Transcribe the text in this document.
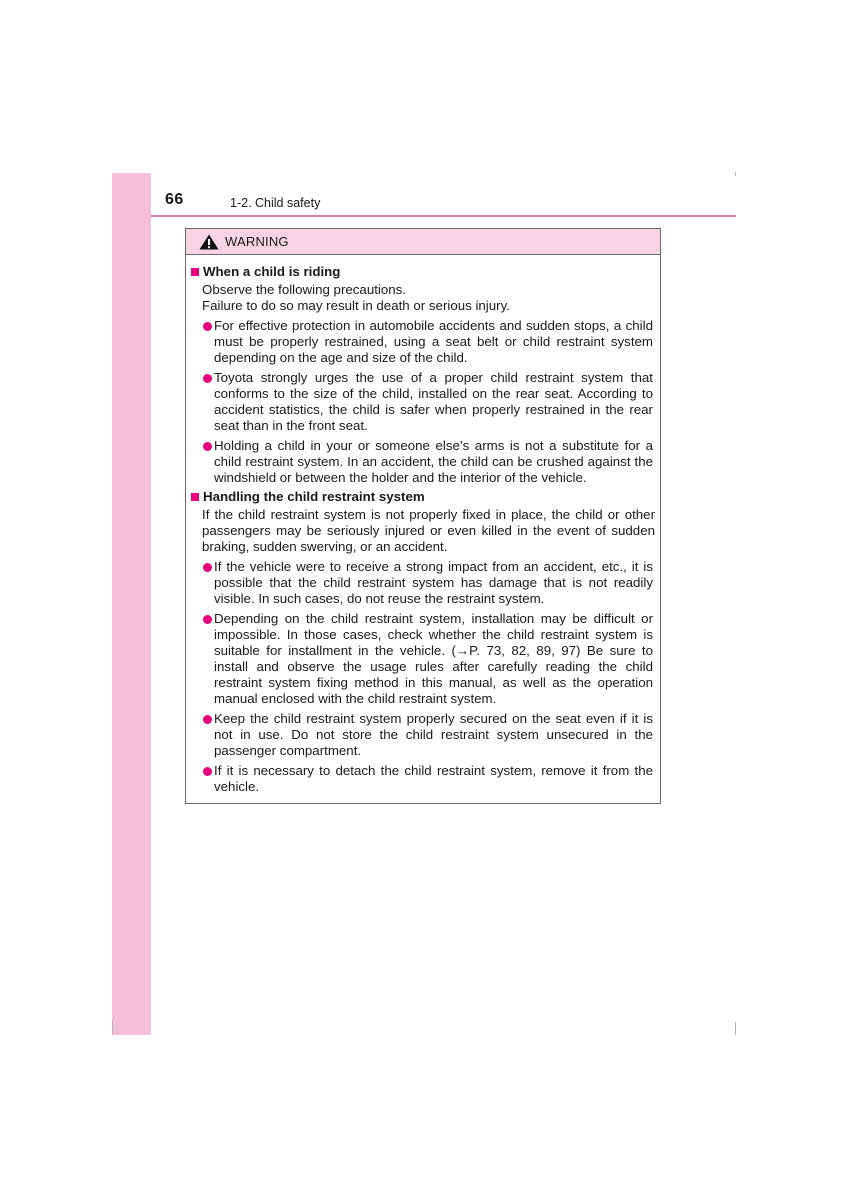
66	1-2. Child safety
WARNING
When a child is riding
Observe the following precautions.
Failure to do so may result in death or serious injury.
For effective protection in automobile accidents and sudden stops, a child must be properly restrained, using a seat belt or child restraint system depending on the age and size of the child.
Toyota strongly urges the use of a proper child restraint system that conforms to the size of the child, installed on the rear seat. According to accident statistics, the child is safer when properly restrained in the rear seat than in the front seat.
Holding a child in your or someone else’s arms is not a substitute for a child restraint system. In an accident, the child can be crushed against the windshield or between the holder and the interior of the vehicle.
Handling the child restraint system
If the child restraint system is not properly fixed in place, the child or other passengers may be seriously injured or even killed in the event of sudden braking, sudden swerving, or an accident.
If the vehicle were to receive a strong impact from an accident, etc., it is possible that the child restraint system has damage that is not readily visible. In such cases, do not reuse the restraint system.
Depending on the child restraint system, installation may be difficult or impossible. In those cases, check whether the child restraint system is suitable for installment in the vehicle. (→P. 73, 82, 89, 97) Be sure to install and observe the usage rules after carefully reading the child restraint system fixing method in this manual, as well as the operation manual enclosed with the child restraint system.
Keep the child restraint system properly secured on the seat even if it is not in use. Do not store the child restraint system unsecured in the passenger compartment.
If it is necessary to detach the child restraint system, remove it from the vehicle.
